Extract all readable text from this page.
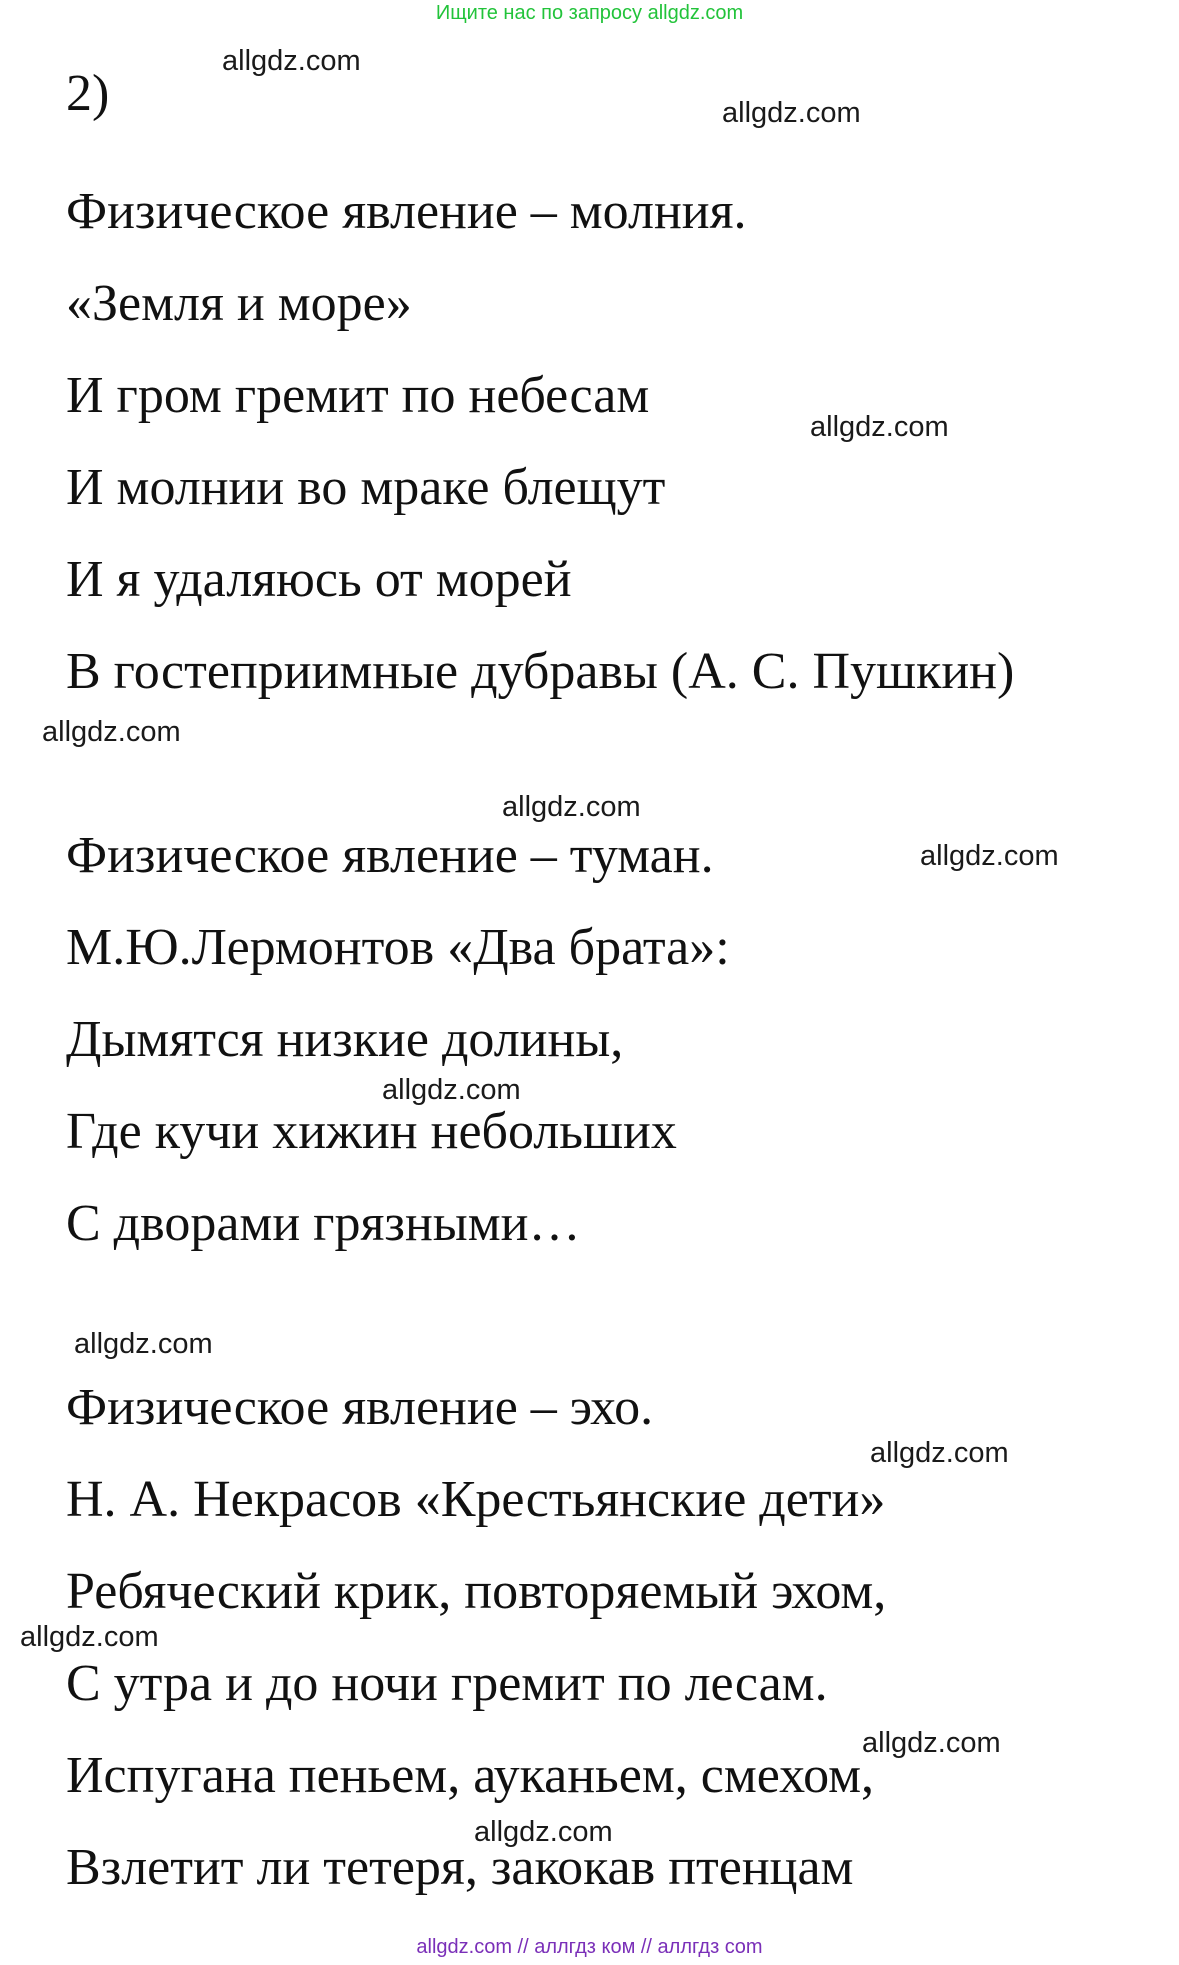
Ищите нас по запросу allgdz.com
allgdz.com
allgdz.com
allgdz.com
allgdz.com
allgdz.com
allgdz.com
allgdz.com
allgdz.com
allgdz.com
allgdz.com
allgdz.com
allgdz.com
2)
Физическое явление – молния.
«Земля и море»
И гром гремит по небесам
И молнии во мраке блещут
И я удаляюсь от морей
В гостеприимные дубравы (А. С. Пушкин)
Физическое явление – туман.
М.Ю.Лермонтов «Два брата»:
Дымятся низкие долины,
Где кучи хижин небольших
С дворами грязными…
Физическое явление – эхо.
Н. А. Некрасов «Крестьянские дети»
Ребяческий крик, повторяемый эхом,
С утра и до ночи гремит по лесам.
Испугана пеньем, ауканьем, смехом,
Взлетит ли тетеря, закокав птенцам
allgdz.com // аллгдз ком // аллгдз com
